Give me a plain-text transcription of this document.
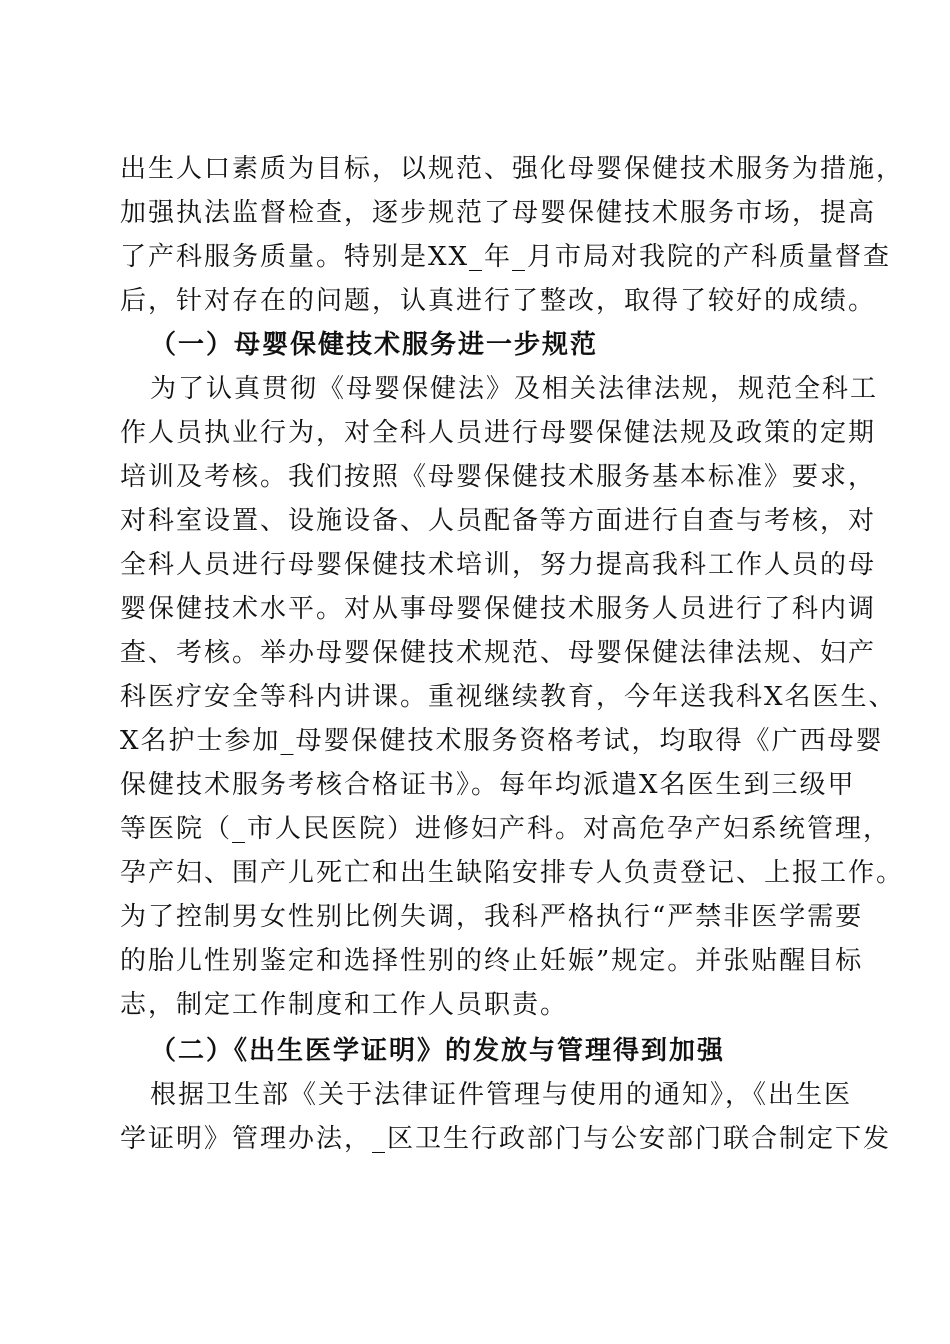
出生人口素质为目标，以规范、强化母婴保健技术服务为措施，
加强执法监督检查，逐步规范了母婴保健技术服务市场，提高
了产科服务质量。特别是XX_年_月市局对我院的产科质量督查
后，针对存在的问题，认真进行了整改，取得了较好的成绩。
（一）母婴保健技术服务进一步规范
为了认真贯彻《母婴保健法》及相关法律法规，规范全科工
作人员执业行为，对全科人员进行母婴保健法规及政策的定期
培训及考核。我们按照《母婴保健技术服务基本标准》要求，
对科室设置、设施设备、人员配备等方面进行自查与考核，对
全科人员进行母婴保健技术培训，努力提高我科工作人员的母
婴保健技术水平。对从事母婴保健技术服务人员进行了科内调
查、考核。举办母婴保健技术规范、母婴保健法律法规、妇产
科医疗安全等科内讲课。重视继续教育，今年送我科X名医生、
X名护士参加_母婴保健技术服务资格考试，均取得《广西母婴
保健技术服务考核合格证书》。每年均派遣X名医生到三级甲
等医院（_市人民医院）进修妇产科。对高危孕产妇系统管理，
孕产妇、围产儿死亡和出生缺陷安排专人负责登记、上报工作。
为了控制男女性别比例失调，我科严格执行“严禁非医学需要
的胎儿性别鉴定和选择性别的终止妊娠”规定。并张贴醒目标
志，制定工作制度和工作人员职责。
（二）《出生医学证明》的发放与管理得到加强
根据卫生部《关于法律证件管理与使用的通知》，《出生医
学证明》管理办法，_区卫生行政部门与公安部门联合制定下发
